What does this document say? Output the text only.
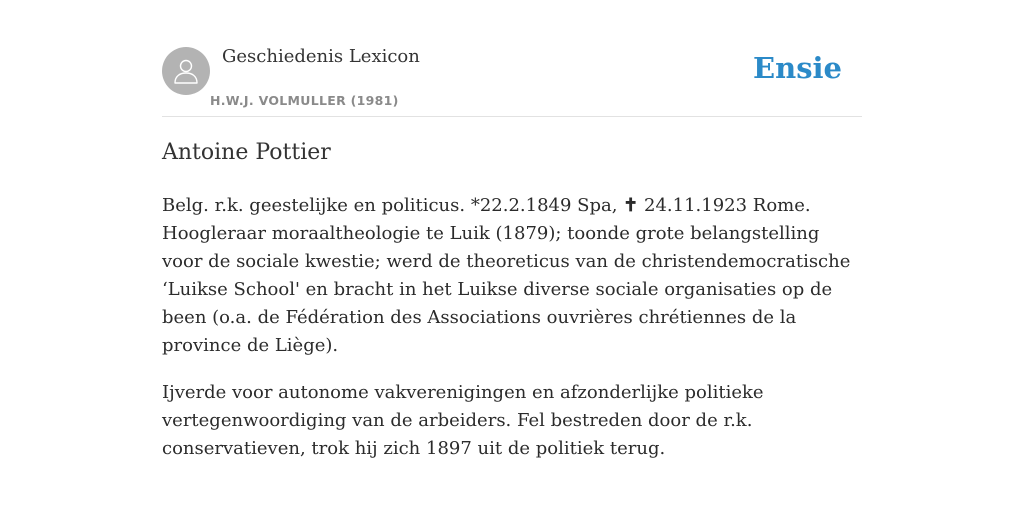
Geschiedenis Lexicon
H.W.J. VOLMULLER (1981)
Ensie
Antoine Pottier

Belg. r.k. geestelijke en politicus. *22.2.1849 Spa, ✝ 24.11.1923 Rome. Hoogleraar moraaltheologie te Luik (1879); toonde grote belangstelling voor de sociale kwestie; werd de theoreticus van de christendemocratische ‘Luikse School' en bracht in het Luikse diverse sociale organisaties op de been (o.a. de Fédération des Associations ouvrières chrétiennes de la province de Liège).

Ijverde voor autonome vakverenigingen en afzonderlijke politieke vertegenwoordiging van de arbeiders. Fel bestreden door de r.k. conservatieven, trok hij zich 1897 uit de politiek terug.
